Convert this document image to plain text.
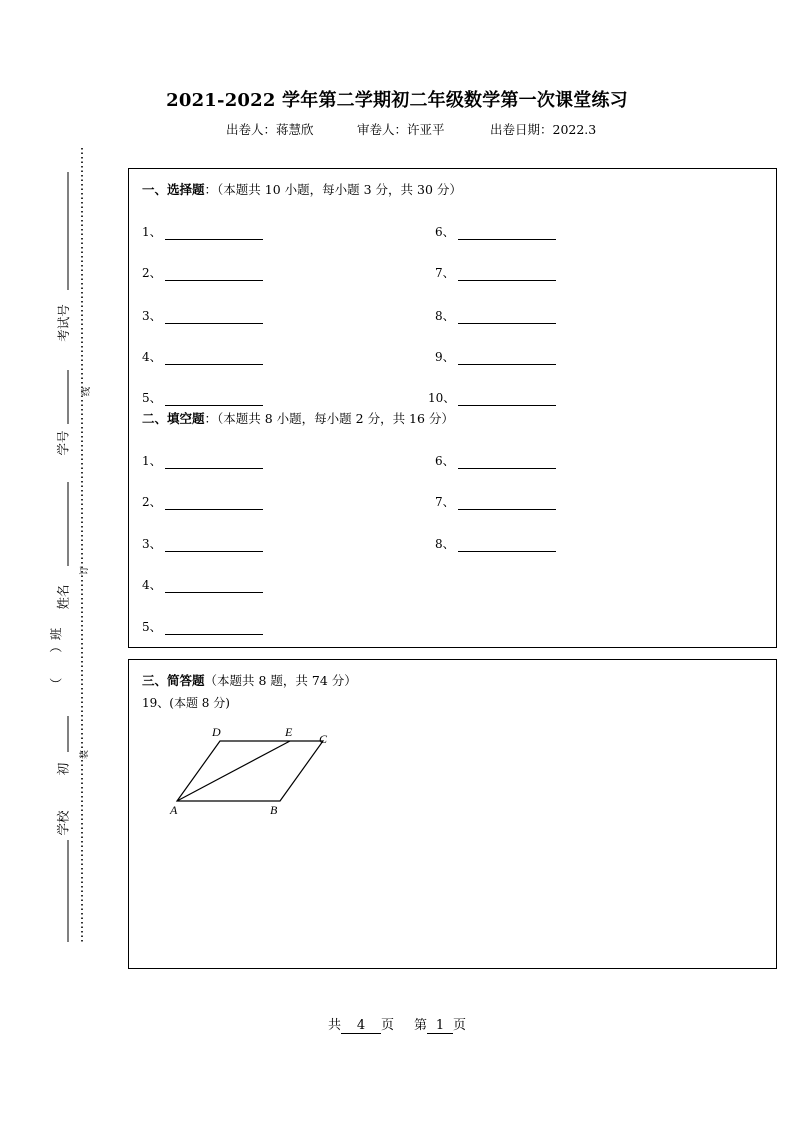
2021-2022 学年第二学期初二年级数学第一次课堂练习
出卷人：蒋慧欣	审卷人：许亚平	出卷日期：2022.3
考试号
学号
姓名
（　　）班
初
学校
线
订
装
一、选择题：（本题共 10 小题，每小题 3 分，共 30 分）
1、
2、
3、
4、
5、
6、
7、
8、
9、
10、
二、填空题：（本题共 8 小题，每小题 2 分，共 16 分）
1、
2、
3、
4、
5、
6、
7、
8、
三、简答题（本题共 8 题，共 74 分）
19、(本题 8 分)
D	E C
A	B
共 4 页 第 1 页
